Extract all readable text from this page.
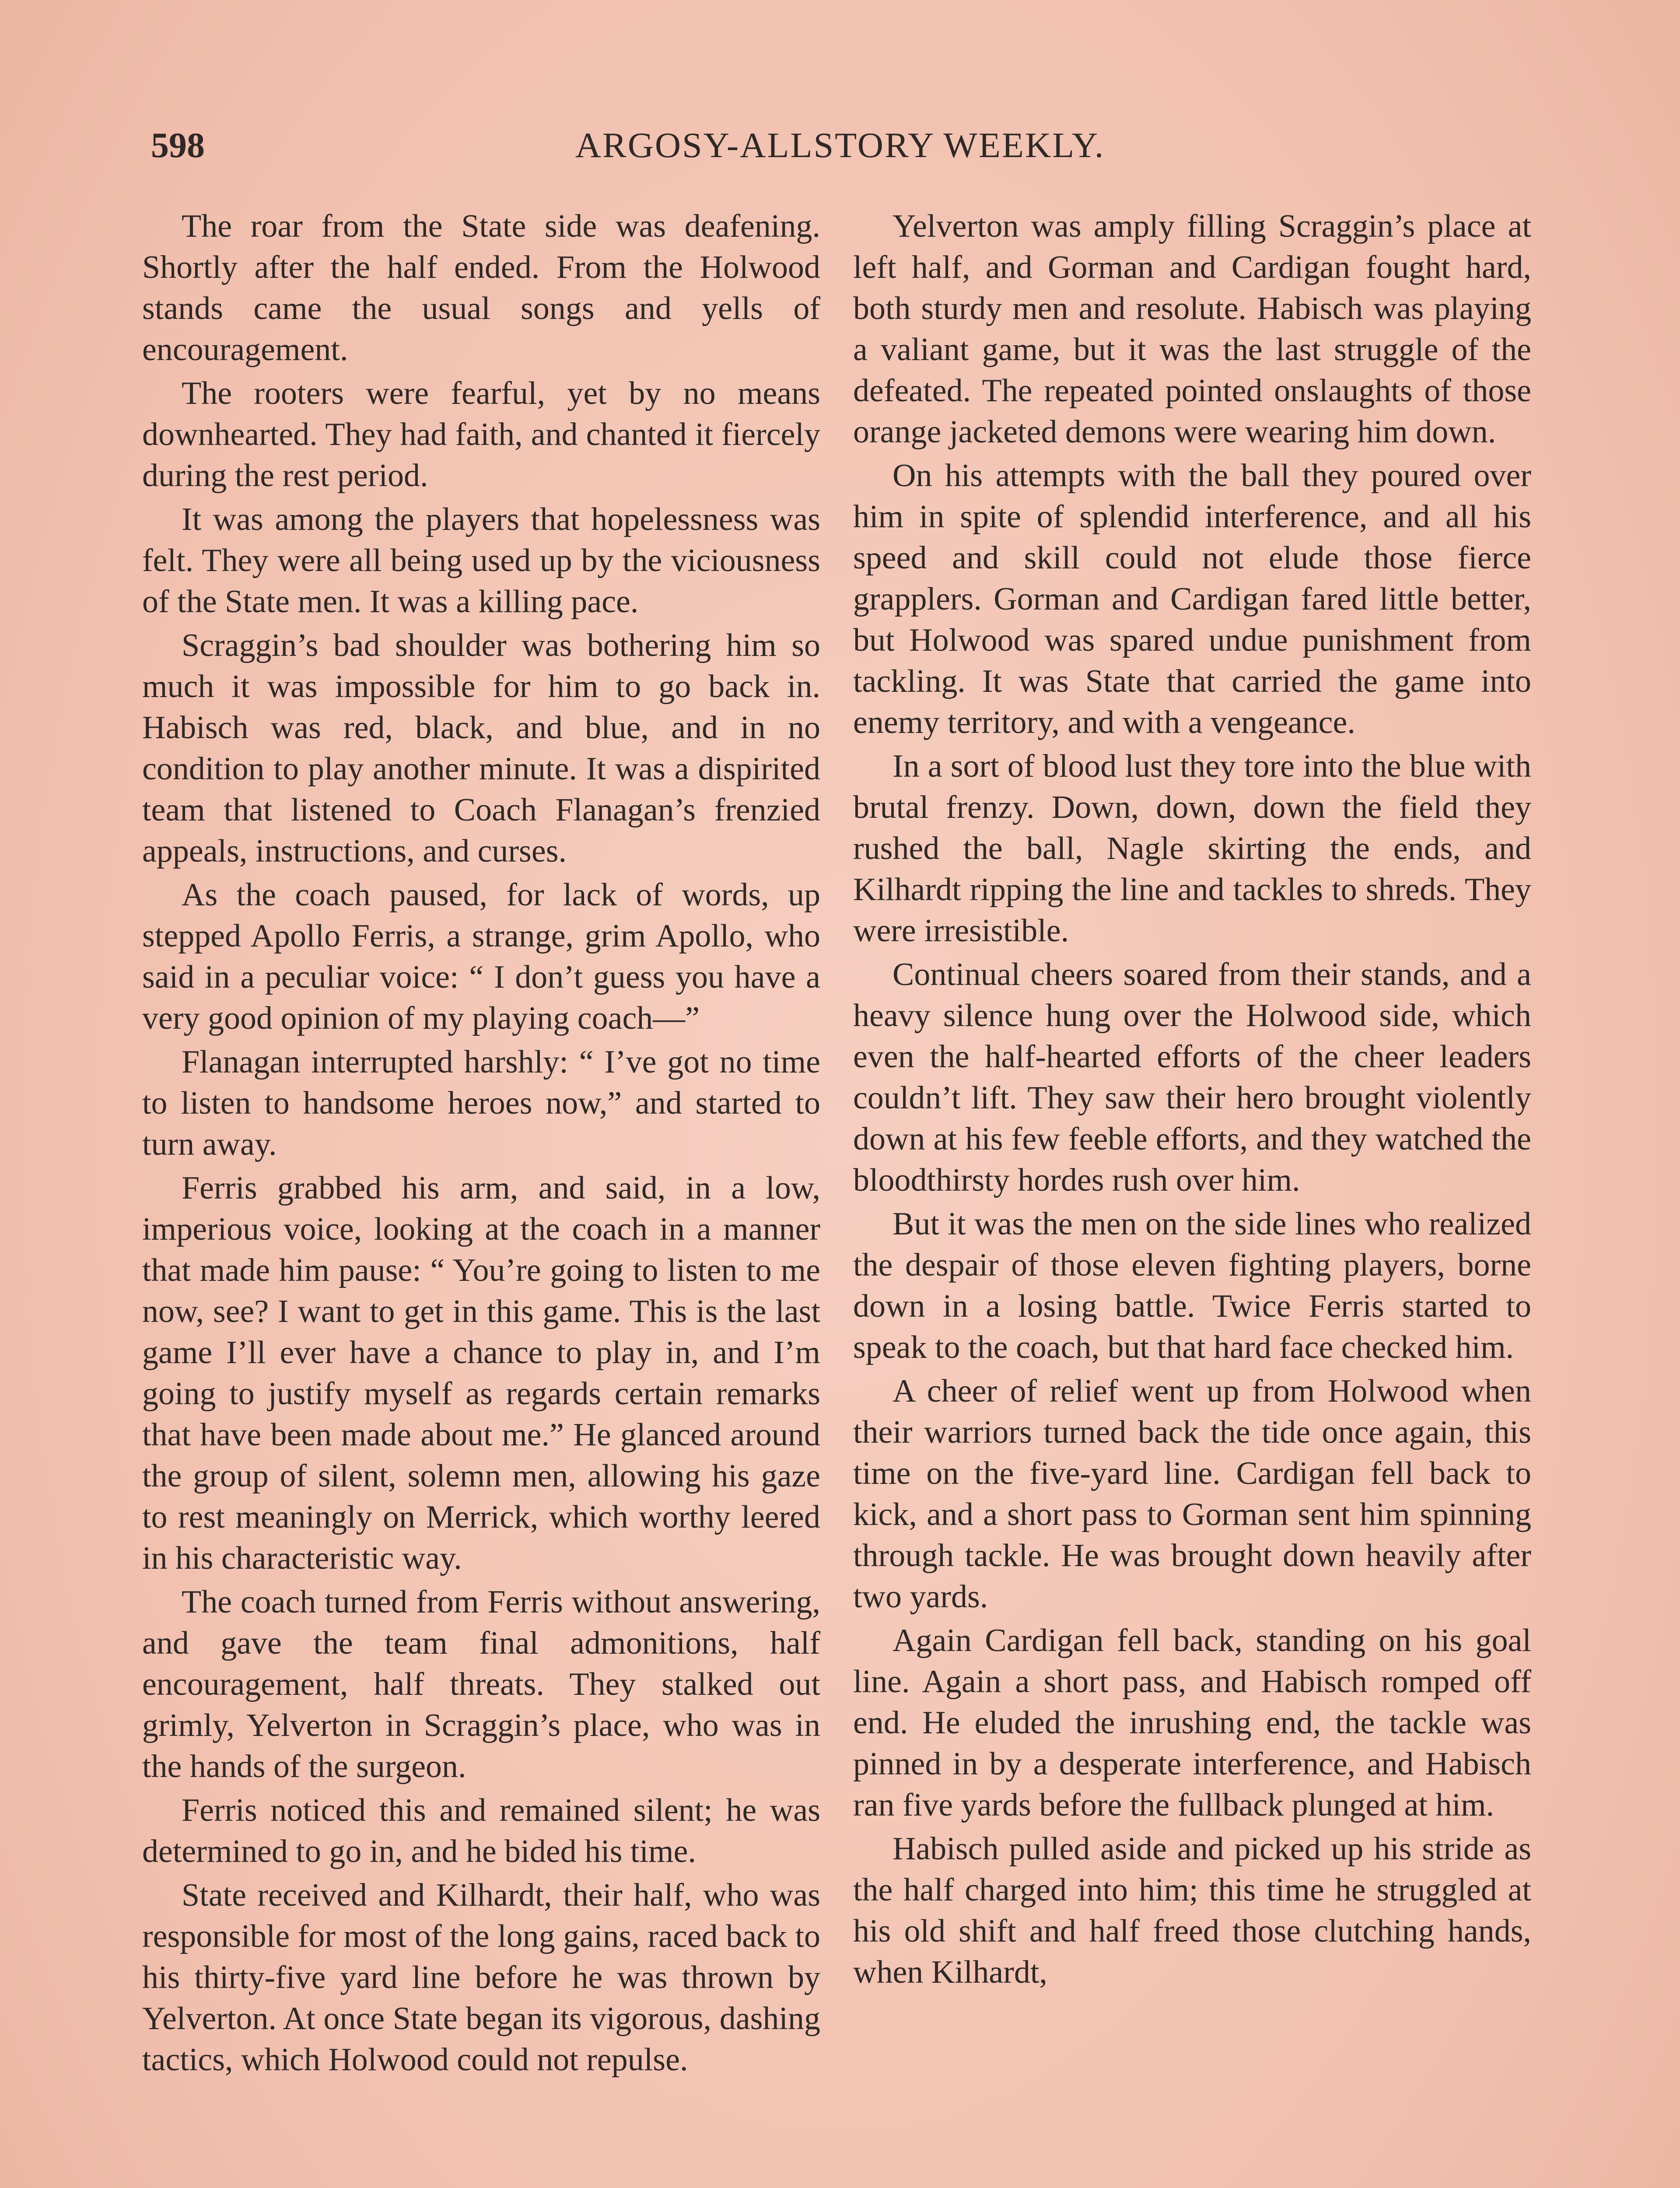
598	ARGOSY-ALLSTORY WEEKLY.

The roar from the State side was deafening. Shortly after the half ended. From the Holwood stands came the usual songs and yells of encouragement.

The rooters were fearful, yet by no means downhearted. They had faith, and chanted it fiercely during the rest period.

It was among the players that hopelessness was felt. They were all being used up by the viciousness of the State men. It was a killing pace.

Scraggin’s bad shoulder was bothering him so much it was impossible for him to go back in. Habisch was red, black, and blue, and in no condition to play another minute. It was a dispirited team that listened to Coach Flanagan’s frenzied appeals, instructions, and curses.

As the coach paused, for lack of words, up stepped Apollo Ferris, a strange, grim Apollo, who said in a peculiar voice: “ I don’t guess you have a very good opinion of my playing coach—”

Flanagan interrupted harshly: “ I’ve got no time to listen to handsome heroes now,” and started to turn away.

Ferris grabbed his arm, and said, in a low, imperious voice, looking at the coach in a manner that made him pause: “ You’re going to listen to me now, see? I want to get in this game. This is the last game I’ll ever have a chance to play in, and I’m going to justify myself as regards certain remarks that have been made about me.” He glanced around the group of silent, solemn men, allowing his gaze to rest meaningly on Merrick, which worthy leered in his characteristic way.

The coach turned from Ferris without answering, and gave the team final admonitions, half encouragement, half threats. They stalked out grimly, Yelverton in Scraggin’s place, who was in the hands of the surgeon.

Ferris noticed this and remained silent; he was determined to go in, and he bided his time.

State received and Kilhardt, their half, who was responsible for most of the long gains, raced back to his thirty-five yard line before he was thrown by Yelverton. At once State began its vigorous, dashing tactics, which Holwood could not repulse.

Yelverton was amply filling Scraggin’s place at left half, and Gorman and Cardigan fought hard, both sturdy men and resolute. Habisch was playing a valiant game, but it was the last struggle of the defeated. The repeated pointed onslaughts of those orange jacketed demons were wearing him down.

On his attempts with the ball they poured over him in spite of splendid interference, and all his speed and skill could not elude those fierce grapplers. Gorman and Cardigan fared little better, but Holwood was spared undue punishment from tackling. It was State that carried the game into enemy territory, and with a vengeance.

In a sort of blood lust they tore into the blue with brutal frenzy. Down, down, down the field they rushed the ball, Nagle skirting the ends, and Kilhardt ripping the line and tackles to shreds. They were irresistible.

Continual cheers soared from their stands, and a heavy silence hung over the Holwood side, which even the half-hearted efforts of the cheer leaders couldn’t lift. They saw their hero brought violently down at his few feeble efforts, and they watched the bloodthirsty hordes rush over him.

But it was the men on the side lines who realized the despair of those eleven fighting players, borne down in a losing battle. Twice Ferris started to speak to the coach, but that hard face checked him.

A cheer of relief went up from Holwood when their warriors turned back the tide once again, this time on the five-yard line. Cardigan fell back to kick, and a short pass to Gorman sent him spinning through tackle. He was brought down heavily after two yards.

Again Cardigan fell back, standing on his goal line. Again a short pass, and Habisch romped off end. He eluded the inrushing end, the tackle was pinned in by a desperate interference, and Habisch ran five yards before the fullback plunged at him.

Habisch pulled aside and picked up his stride as the half charged into him; this time he struggled at his old shift and half freed those clutching hands, when Kilhardt,
